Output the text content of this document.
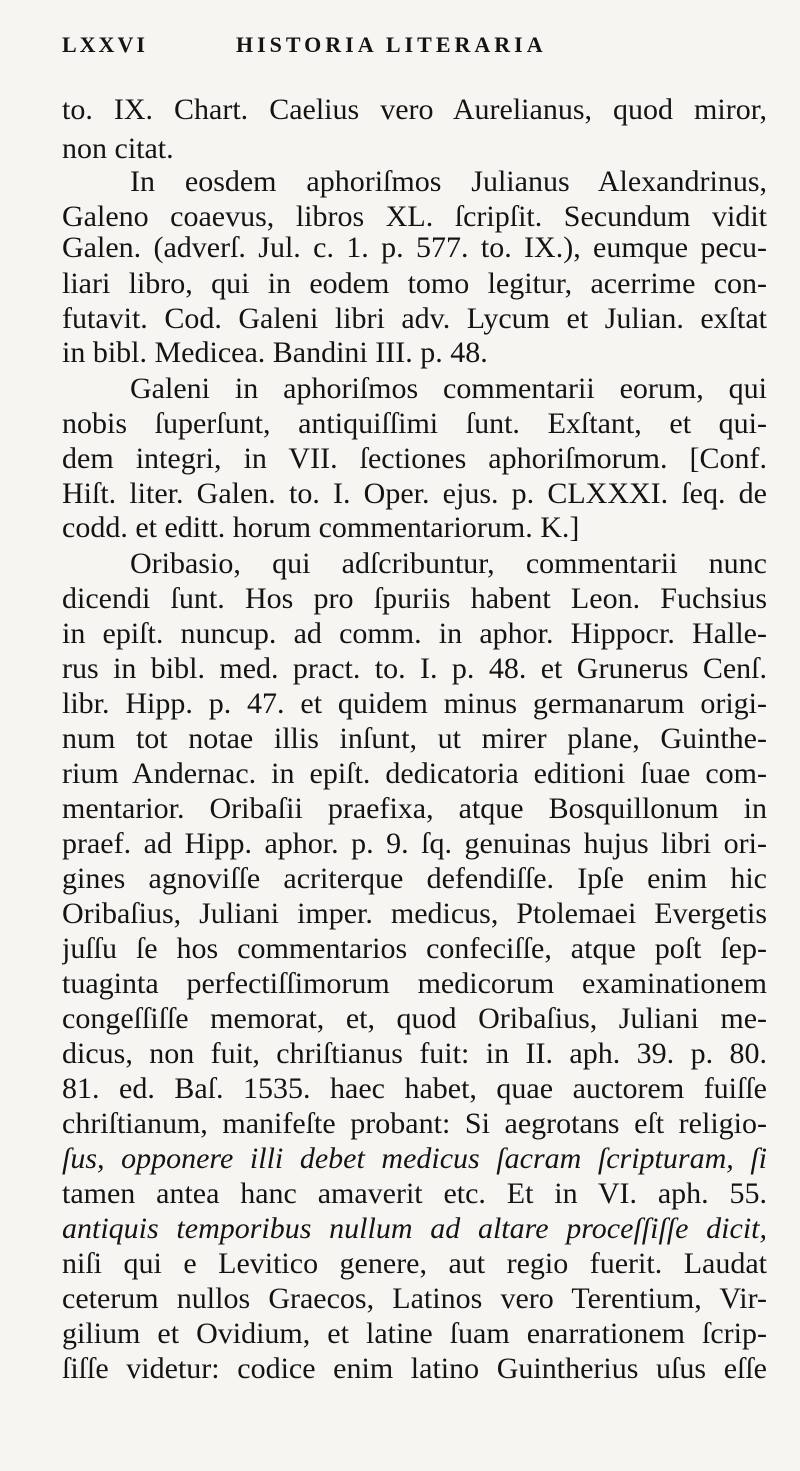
LXXVI	HISTORIA LITERARIA
to. IX. Chart. Caelius vero Aurelianus, quod miror,
non citat.
In eosdem aphoriſmos Julianus Alexandrinus,
Galeno coaevus, libros XL. ſcripſit. Secundum vidit
Galen. (adverſ. Jul. c. 1. p. 577. to. IX.), eumque pecu-
liari libro, qui in eodem tomo legitur, acerrime con-
futavit. Cod. Galeni libri adv. Lycum et Julian. exſtat
in bibl. Medicea. Bandini III. p. 48.
Galeni in aphoriſmos commentarii eorum, qui
nobis ſuperſunt, antiquiſſimi ſunt. Exſtant, et qui-
dem integri, in VII. ſectiones aphoriſmorum. [Conf.
Hiſt. liter. Galen. to. I. Oper. ejus. p. CLXXXI. ſeq. de
codd. et editt. horum commentariorum. K.]
Oribasio, qui adſcribuntur, commentarii nunc
dicendi ſunt. Hos pro ſpuriis habent Leon. Fuchsius
in epiſt. nuncup. ad comm. in aphor. Hippocr. Halle-
rus in bibl. med. pract. to. I. p. 48. et Grunerus Cenſ.
libr. Hipp. p. 47. et quidem minus germanarum origi-
num tot notae illis inſunt, ut mirer plane, Guinthe-
rium Andernac. in epiſt. dedicatoria editioni ſuae com-
mentarior. Oribaſii praefixa, atque Bosquillonum in
praef. ad Hipp. aphor. p. 9. ſq. genuinas hujus libri ori-
gines agnoviſſe acriterque defendiſſe. Ipſe enim hic
Oribaſius, Juliani imper. medicus, Ptolemaei Evergetis
juſſu ſe hos commentarios confeciſſe, atque poſt ſep-
tuaginta perfectiſſimorum medicorum examinationem
congeſſiſſe memorat, et, quod Oribaſius, Juliani me-
dicus, non fuit, chriſtianus fuit: in II. aph. 39. p. 80.
81. ed. Baſ. 1535. haec habet, quae auctorem fuiſſe
chriſtianum, manifeſte probant: Si aegrotans eſt religio-
ſus, opponere illi debet medicus ſacram ſcripturam, ſi
tamen antea hanc amaverit etc. Et in VI. aph. 55.
antiquis temporibus nullum ad altare proceſſiſſe dicit,
niſi qui e Levitico genere, aut regio fuerit. Laudat
ceterum nullos Graecos, Latinos vero Terentium, Vir-
gilium et Ovidium, et latine ſuam enarrationem ſcrip-
ſiſſe videtur: codice enim latino Guintherius uſus eſſe
